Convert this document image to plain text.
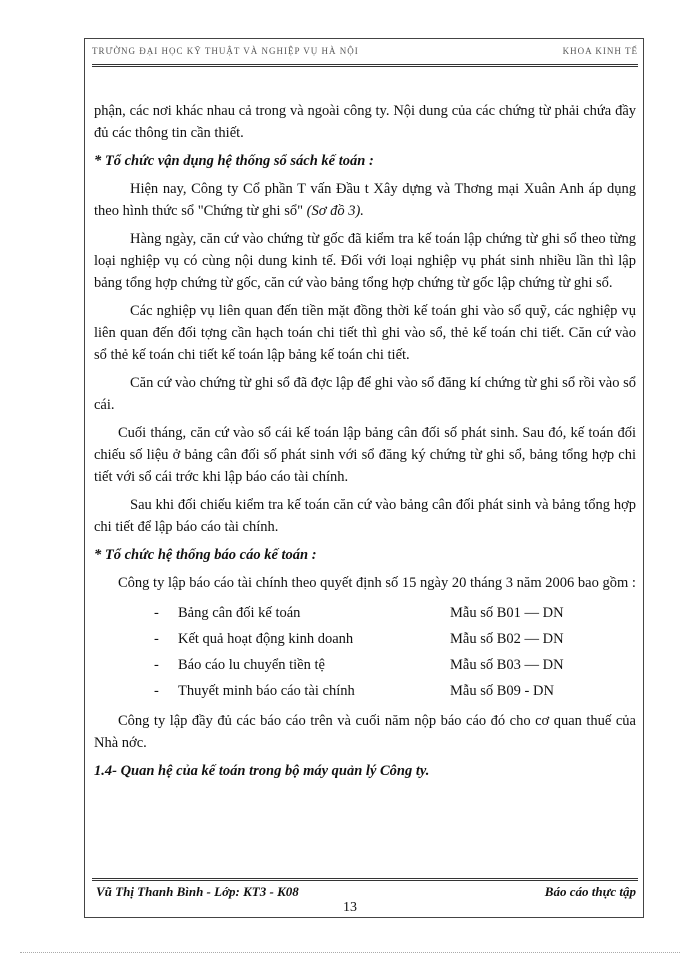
TRƯỜNG ĐẠI HỌC KỸ THUẬT VÀ NGHIỆP VỤ HÀ NỘI	KHOA KINH TẾ

phận, các nơi khác nhau cả trong và ngoài công ty. Nội dung của các chứng từ phải chứa đầy đủ các thông tin cần thiết.

* Tổ chức vận dụng hệ thống sổ sách kế toán :

Hiện nay, Công ty Cổ phần T vấn Đầu t Xây dựng và Thơng mại Xuân Anh áp dụng theo hình thức sổ "Chứng từ ghi sổ" (Sơ đồ 3).

Hàng ngày, căn cứ vào chứng từ gốc đã kiểm tra kế toán lập chứng từ ghi sổ theo từng loại nghiệp vụ có cùng nội dung kinh tế. Đối với loại nghiệp vụ phát sinh nhiều lần thì lập bảng tổng hợp chứng từ gốc, căn cứ vào bảng tổng hợp chứng từ gốc lập chứng từ ghi sổ.

Các nghiệp vụ liên quan đến tiền mặt đồng thời kế toán ghi vào sổ quỹ, các nghiệp vụ liên quan đến đối tợng cần hạch toán chi tiết thì ghi vào sổ, thẻ kế toán chi tiết. Căn cứ vào sổ thẻ kế toán chi tiết kế toán lập bảng kế toán chi tiết.

Căn cứ vào chứng từ ghi sổ đã đợc lập để ghi vào sổ đăng kí chứng từ ghi sổ rồi vào sổ cái.

Cuối tháng, căn cứ vào sổ cái kế toán lập bảng cân đối số phát sinh. Sau đó, kế toán đối chiếu số liệu ở bảng cân đối số phát sinh với sổ đăng ký chứng từ ghi sổ, bảng tổng hợp chi tiết với sổ cái trớc khi lập báo cáo tài chính.

Sau khi đối chiếu kiểm tra kế toán căn cứ vào bảng cân đối phát sinh và bảng tổng hợp chi tiết để lập báo cáo tài chính.

* Tổ chức hệ thống báo cáo kế toán :

Công ty lập báo cáo tài chính theo quyết định số 15 ngày 20 tháng 3 năm 2006 bao gồm :

- Bảng cân đối kế toán	Mẫu số B01 — DN
- Kết quả hoạt động kinh doanh	Mẫu số B02 — DN
- Báo cáo lu chuyển tiền tệ	Mẫu số B03 — DN
- Thuyết minh báo cáo tài chính	Mẫu số B09 - DN

Công ty lập đầy đủ các báo cáo trên và cuối năm nộp báo cáo đó cho cơ quan thuế của Nhà nớc.

1.4- Quan hệ của kế toán trong bộ máy quản lý Công ty.

Vũ Thị Thanh Bình - Lớp: KT3 - K08	Báo cáo thực tập
13
